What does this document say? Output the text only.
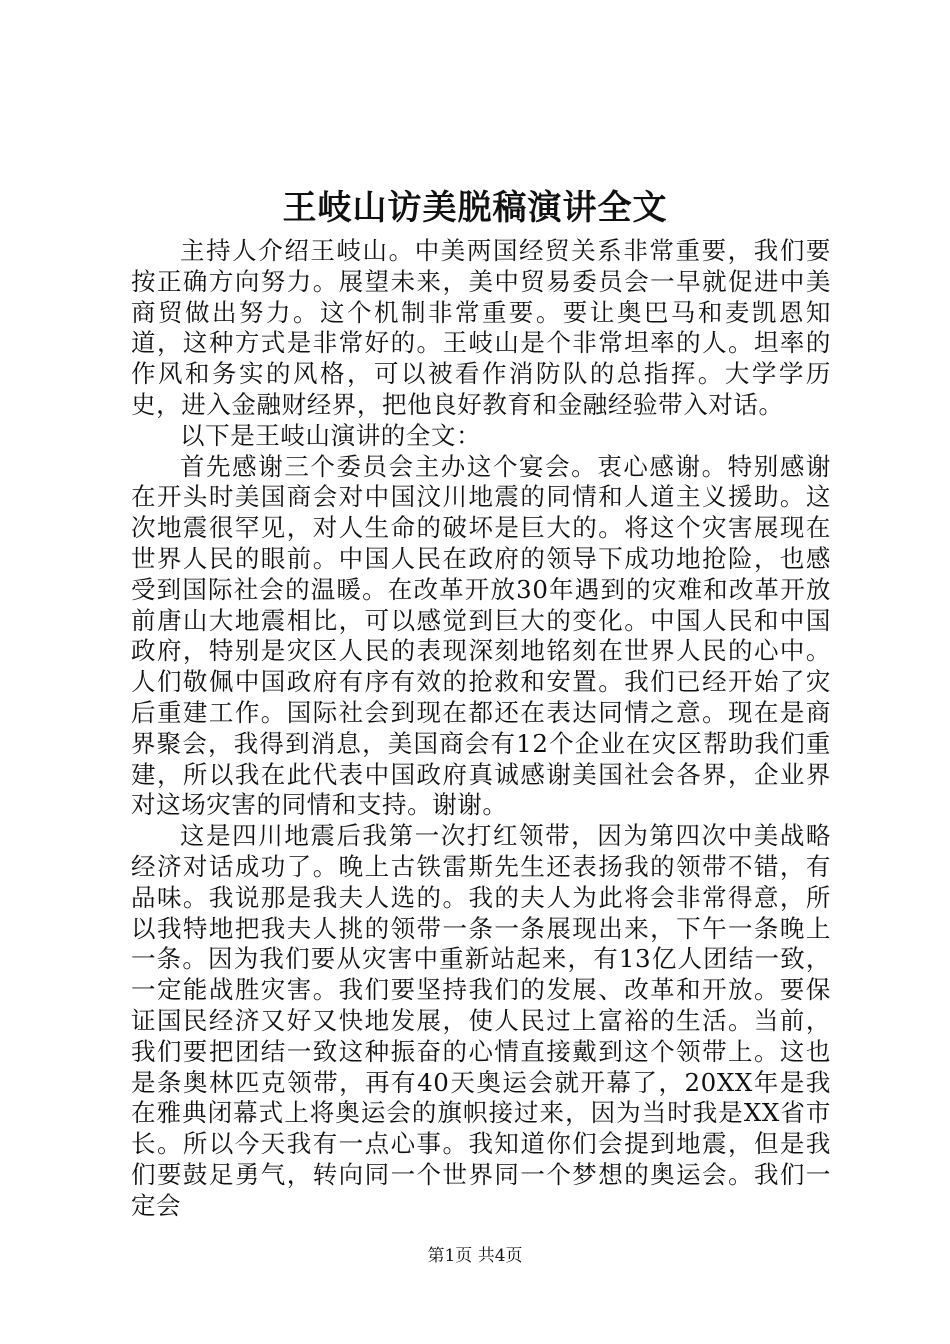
王岐山访美脱稿演讲全文

主持人介绍王岐山。中美两国经贸关系非常重要，我们要按正确方向努力。展望未来，美中贸易委员会一早就促进中美商贸做出努力。这个机制非常重要。要让奥巴马和麦凯恩知道，这种方式是非常好的。王岐山是个非常坦率的人。坦率的作风和务实的风格，可以被看作消防队的总指挥。大学学历史，进入金融财经界，把他良好教育和金融经验带入对话。

以下是王岐山演讲的全文：

首先感谢三个委员会主办这个宴会。衷心感谢。特别感谢在开头时美国商会对中国汶川地震的同情和人道主义援助。这次地震很罕见，对人生命的破坏是巨大的。将这个灾害展现在世界人民的眼前。中国人民在政府的领导下成功地抢险，也感受到国际社会的温暖。在改革开放30年遇到的灾难和改革开放前唐山大地震相比，可以感觉到巨大的变化。中国人民和中国政府，特别是灾区人民的表现深刻地铭刻在世界人民的心中。人们敬佩中国政府有序有效的抢救和安置。我们已经开始了灾后重建工作。国际社会到现在都还在表达同情之意。现在是商界聚会，我得到消息，美国商会有12个企业在灾区帮助我们重建，所以我在此代表中国政府真诚感谢美国社会各界，企业界对这场灾害的同情和支持。谢谢。

这是四川地震后我第一次打红领带，因为第四次中美战略经济对话成功了。晚上古铁雷斯先生还表扬我的领带不错，有品味。我说那是我夫人选的。我的夫人为此将会非常得意，所以我特地把我夫人挑的领带一条一条展现出来，下午一条晚上一条。因为我们要从灾害中重新站起来，有13亿人团结一致，一定能战胜灾害。我们要坚持我们的发展、改革和开放。要保证国民经济又好又快地发展，使人民过上富裕的生活。当前，我们要把团结一致这种振奋的心情直接戴到这个领带上。这也是条奥林匹克领带，再有40天奥运会就开幕了，20XX年是我在雅典闭幕式上将奥运会的旗帜接过来，因为当时我是XX省市长。所以今天我有一点心事。我知道你们会提到地震，但是我们要鼓足勇气，转向同一个世界同一个梦想的奥运会。我们一定会

第1页 共4页
